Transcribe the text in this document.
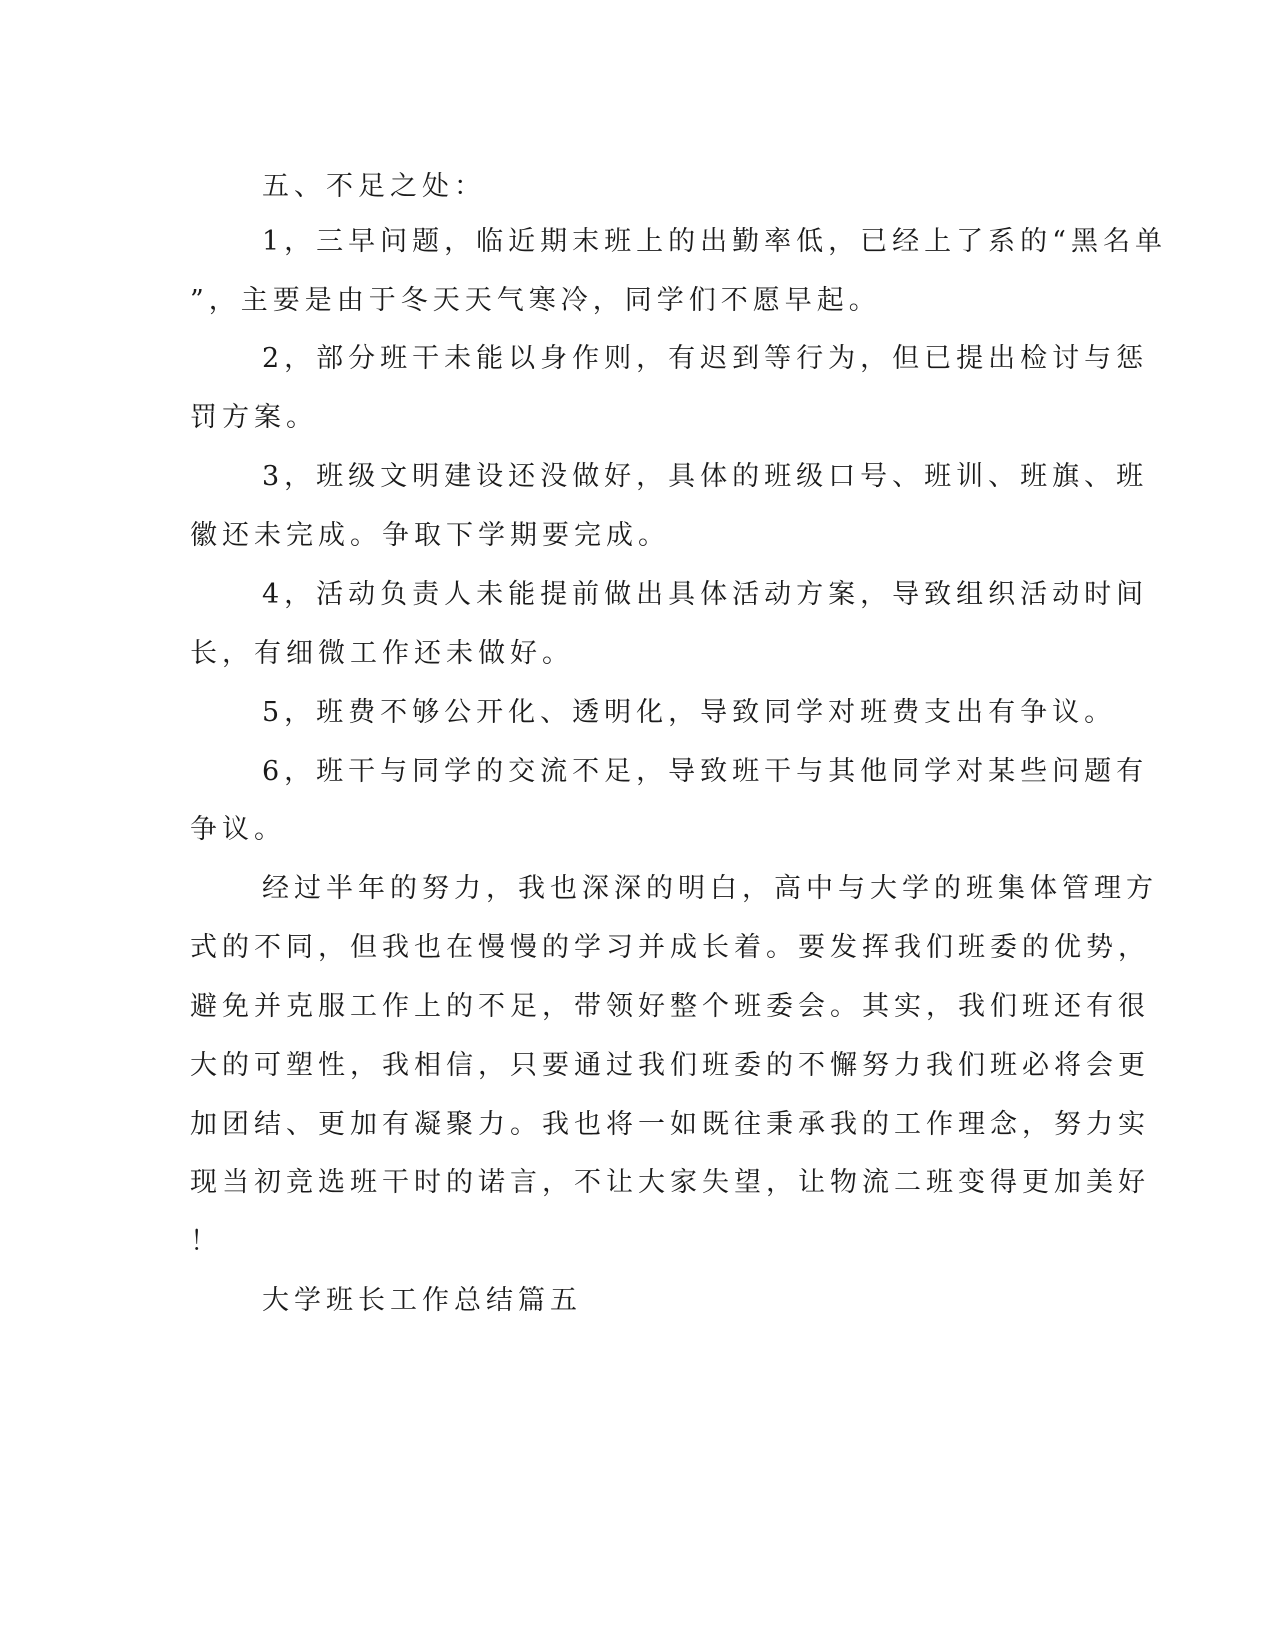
五、不足之处：
1，三早问题，临近期末班上的出勤率低，已经上了系的“黑名单
”，主要是由于冬天天气寒冷，同学们不愿早起。
2，部分班干未能以身作则，有迟到等行为，但已提出检讨与惩
罚方案。
3，班级文明建设还没做好，具体的班级口号、班训、班旗、班
徽还未完成。争取下学期要完成。
4，活动负责人未能提前做出具体活动方案，导致组织活动时间
长，有细微工作还未做好。
5，班费不够公开化、透明化，导致同学对班费支出有争议。
6，班干与同学的交流不足，导致班干与其他同学对某些问题有
争议。
经过半年的努力，我也深深的明白，高中与大学的班集体管理方
式的不同，但我也在慢慢的学习并成长着。要发挥我们班委的优势，
避免并克服工作上的不足，带领好整个班委会。其实，我们班还有很
大的可塑性，我相信，只要通过我们班委的不懈努力我们班必将会更
加团结、更加有凝聚力。我也将一如既往秉承我的工作理念，努力实
现当初竞选班干时的诺言，不让大家失望，让物流二班变得更加美好
！
大学班长工作总结篇五
